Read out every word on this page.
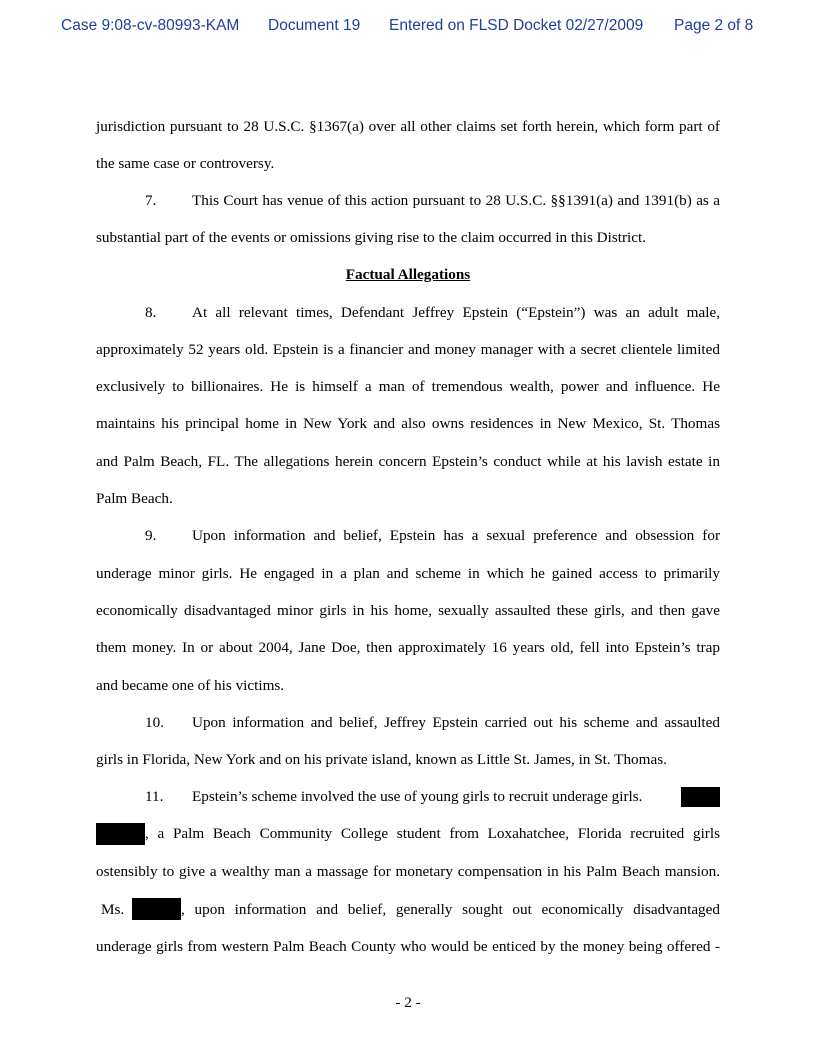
Case 9:08-cv-80993-KAM Document 19 Entered on FLSD Docket 02/27/2009 Page 2 of 8
jurisdiction pursuant to 28 U.S.C. §1367(a) over all other claims set forth herein, which form part of
the same case or controversy.
7. This Court has venue of this action pursuant to 28 U.S.C. §§1391(a) and 1391(b) as a
substantial part of the events or omissions giving rise to the claim occurred in this District.
Factual Allegations
8. At all relevant times, Defendant Jeffrey Epstein (“Epstein”) was an adult male,
approximately 52 years old. Epstein is a financier and money manager with a secret clientele limited
exclusively to billionaires. He is himself a man of tremendous wealth, power and influence. He
maintains his principal home in New York and also owns residences in New Mexico, St. Thomas
and Palm Beach, FL. The allegations herein concern Epstein’s conduct while at his lavish estate in
Palm Beach.
9. Upon information and belief, Epstein has a sexual preference and obsession for
underage minor girls. He engaged in a plan and scheme in which he gained access to primarily
economically disadvantaged minor girls in his home, sexually assaulted these girls, and then gave
them money. In or about 2004, Jane Doe, then approximately 16 years old, fell into Epstein’s trap
and became one of his victims.
10. Upon information and belief, Jeffrey Epstein carried out his scheme and assaulted
girls in Florida, New York and on his private island, known as Little St. James, in St. Thomas.
11. Epstein’s scheme involved the use of young girls to recruit underage girls.
, a Palm Beach Community College student from Loxahatchee, Florida recruited girls
ostensibly to give a wealthy man a massage for monetary compensation in his Palm Beach mansion.
Ms.	, upon information and belief, generally sought out economically disadvantaged
underage girls from western Palm Beach County who would be enticed by the money being offered -
- 2 -
